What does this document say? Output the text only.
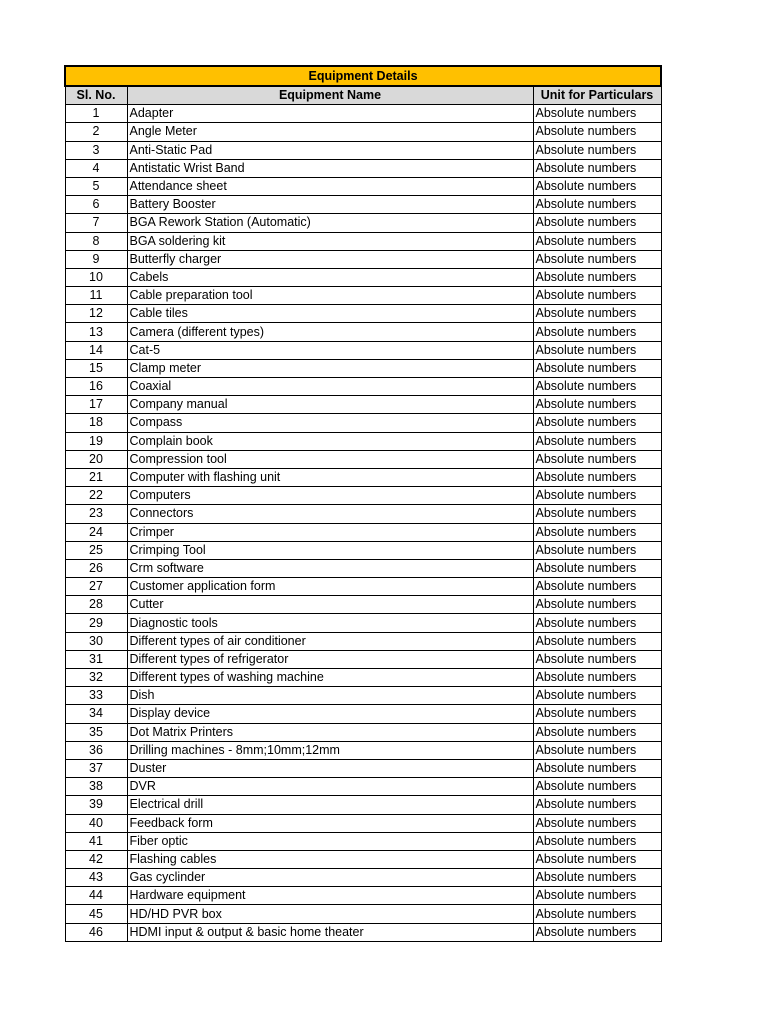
Equipment Details		
Sl. No.	Equipment Name	Unit for Particulars
1	Adapter	Absolute numbers
2	Angle Meter	Absolute numbers
3	Anti-Static Pad	Absolute numbers
4	Antistatic Wrist Band	Absolute numbers
5	Attendance sheet	Absolute numbers
6	Battery Booster	Absolute numbers
7	BGA Rework Station (Automatic)	Absolute numbers
8	BGA soldering kit	Absolute numbers
9	Butterfly charger	Absolute numbers
10	Cabels	Absolute numbers
11	Cable preparation tool	Absolute numbers
12	Cable tiles	Absolute numbers
13	Camera (different types)	Absolute numbers
14	Cat-5	Absolute numbers
15	Clamp meter	Absolute numbers
16	Coaxial	Absolute numbers
17	Company manual	Absolute numbers
18	Compass	Absolute numbers
19	Complain book	Absolute numbers
20	Compression tool	Absolute numbers
21	Computer with flashing unit	Absolute numbers
22	Computers	Absolute numbers
23	Connectors	Absolute numbers
24	Crimper	Absolute numbers
25	Crimping Tool	Absolute numbers
26	Crm software	Absolute numbers
27	Customer application form	Absolute numbers
28	Cutter	Absolute numbers
29	Diagnostic tools	Absolute numbers
30	Different types of air conditioner	Absolute numbers
31	Different types of refrigerator	Absolute numbers
32	Different types of washing machine	Absolute numbers
33	Dish	Absolute numbers
34	Display device	Absolute numbers
35	Dot Matrix Printers	Absolute numbers
36	Drilling machines - 8mm;10mm;12mm	Absolute numbers
37	Duster	Absolute numbers
38	DVR	Absolute numbers
39	Electrical drill	Absolute numbers
40	Feedback form	Absolute numbers
41	Fiber optic	Absolute numbers
42	Flashing cables	Absolute numbers
43	Gas cyclinder	Absolute numbers
44	Hardware equipment	Absolute numbers
45	HD/HD PVR box	Absolute numbers
46	HDMI input & output & basic home theater	Absolute numbers
